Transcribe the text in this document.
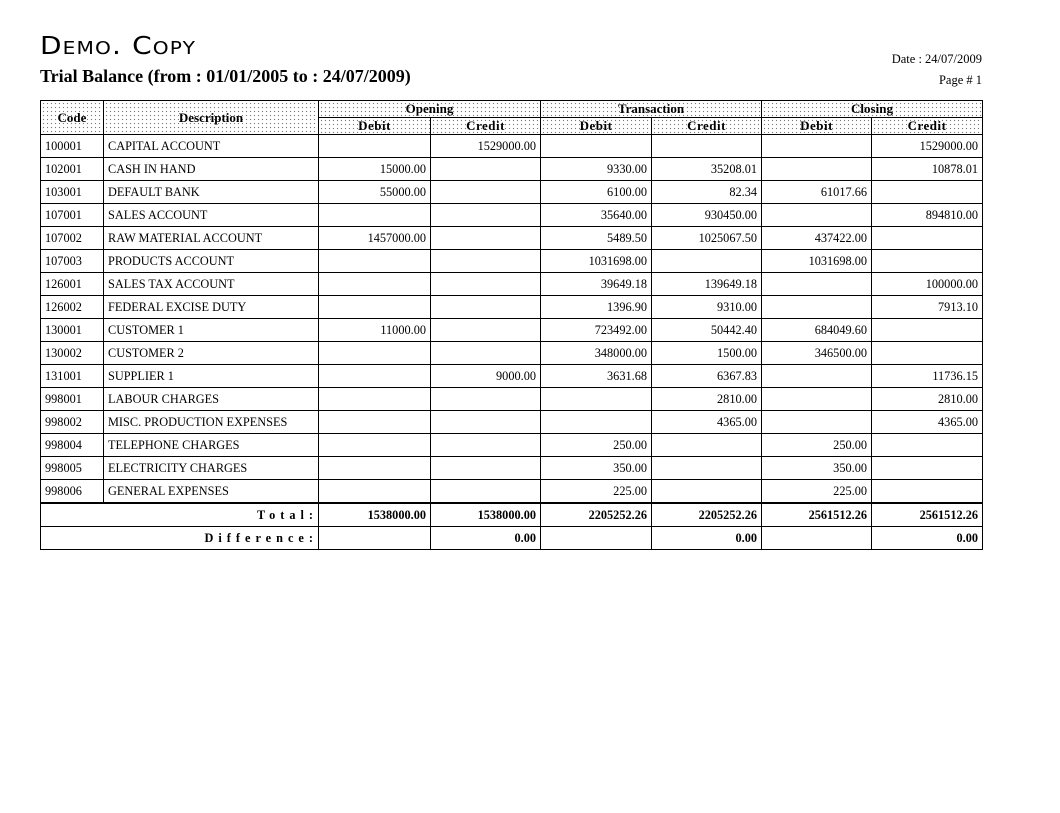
Demo. Copy
Trial Balance (from : 01/01/2005 to : 24/07/2009)
Date : 24/07/2009
Page # 1
Code	Description	Opening		Transaction		Closing	
		Debit	Credit	Debit	Credit	Debit	Credit
100001	CAPITAL ACCOUNT		1529000.00				1529000.00
102001	CASH IN HAND	15000.00		9330.00	35208.01		10878.01
103001	DEFAULT BANK	55000.00		6100.00	82.34	61017.66	
107001	SALES ACCOUNT			35640.00	930450.00		894810.00
107002	RAW MATERIAL ACCOUNT	1457000.00		5489.50	1025067.50	437422.00	
107003	PRODUCTS ACCOUNT			1031698.00		1031698.00	
126001	SALES TAX ACCOUNT			39649.18	139649.18		100000.00
126002	FEDERAL EXCISE DUTY			1396.90	9310.00		7913.10
130001	CUSTOMER 1	11000.00		723492.00	50442.40	684049.60	
130002	CUSTOMER 2			348000.00	1500.00	346500.00	
131001	SUPPLIER 1		9000.00	3631.68	6367.83		11736.15
998001	LABOUR CHARGES				2810.00		2810.00
998002	MISC. PRODUCTION EXPENSES				4365.00		4365.00
998004	TELEPHONE CHARGES			250.00		250.00	
998005	ELECTRICITY CHARGES			350.00		350.00	
998006	GENERAL EXPENSES			225.00		225.00	
Total:		1538000.00	1538000.00	2205252.26	2205252.26	2561512.26	2561512.26
Difference:			0.00		0.00		0.00
